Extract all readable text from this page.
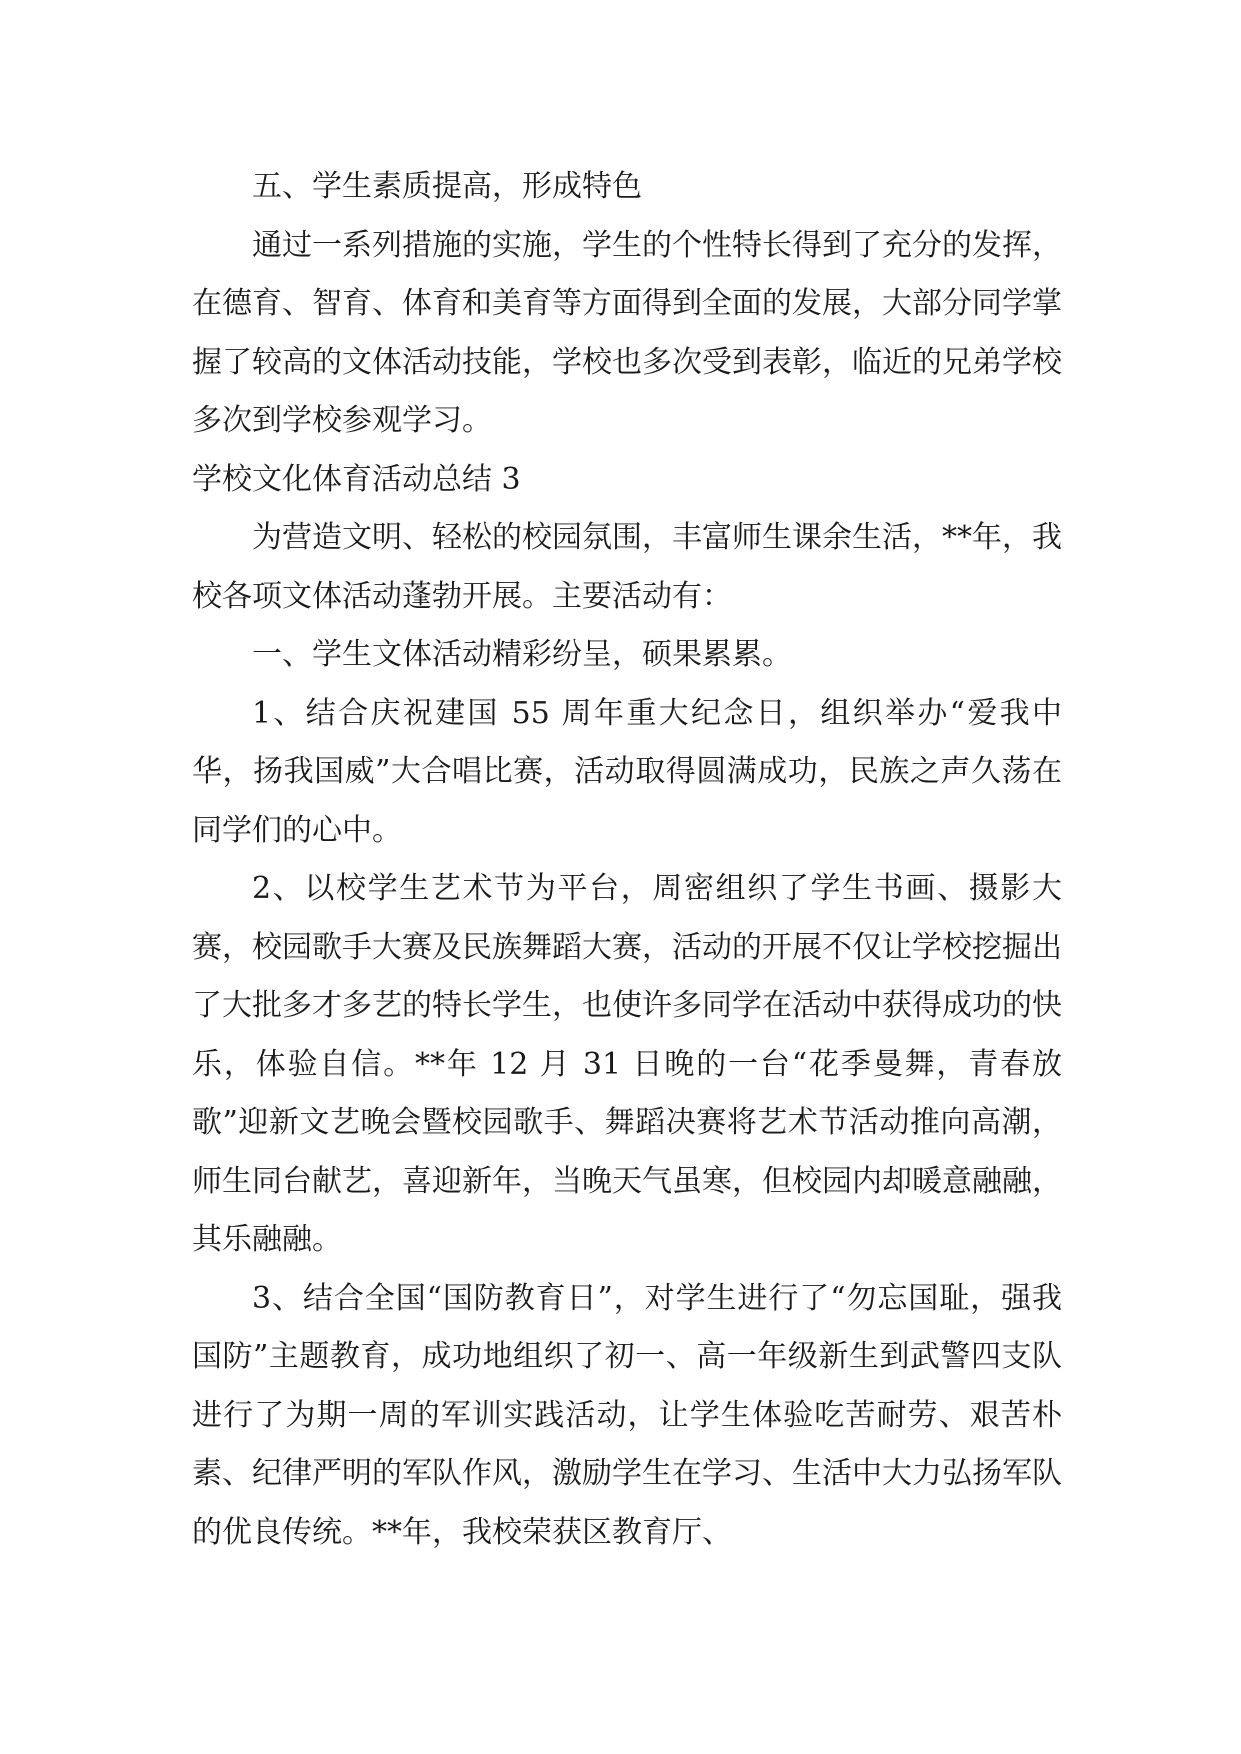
五、学生素质提高，形成特色

通过一系列措施的实施，学生的个性特长得到了充分的发挥，在德育、智育、体育和美育等方面得到全面的发展，大部分同学掌握了较高的文体活动技能，学校也多次受到表彰，临近的兄弟学校多次到学校参观学习。

学校文化体育活动总结 3

为营造文明、轻松的校园氛围，丰富师生课余生活，**年，我校各项文体活动蓬勃开展。主要活动有：

一、学生文体活动精彩纷呈，硕果累累。

1、结合庆祝建国 55 周年重大纪念日，组织举办“爱我中华，扬我国威”大合唱比赛，活动取得圆满成功，民族之声久荡在同学们的心中。

2、以校学生艺术节为平台，周密组织了学生书画、摄影大赛，校园歌手大赛及民族舞蹈大赛，活动的开展不仅让学校挖掘出了大批多才多艺的特长学生，也使许多同学在活动中获得成功的快乐，体验自信。**年 12 月 31 日晚的一台“花季曼舞，青春放歌”迎新文艺晚会暨校园歌手、舞蹈决赛将艺术节活动推向高潮，师生同台献艺，喜迎新年，当晚天气虽寒，但校园内却暖意融融，其乐融融。

3、结合全国“国防教育日”，对学生进行了“勿忘国耻，强我国防”主题教育，成功地组织了初一、高一年级新生到武警四支队进行了为期一周的军训实践活动，让学生体验吃苦耐劳、艰苦朴素、纪律严明的军队作风，激励学生在学习、生活中大力弘扬军队的优良传统。**年，我校荣获区教育厅、
